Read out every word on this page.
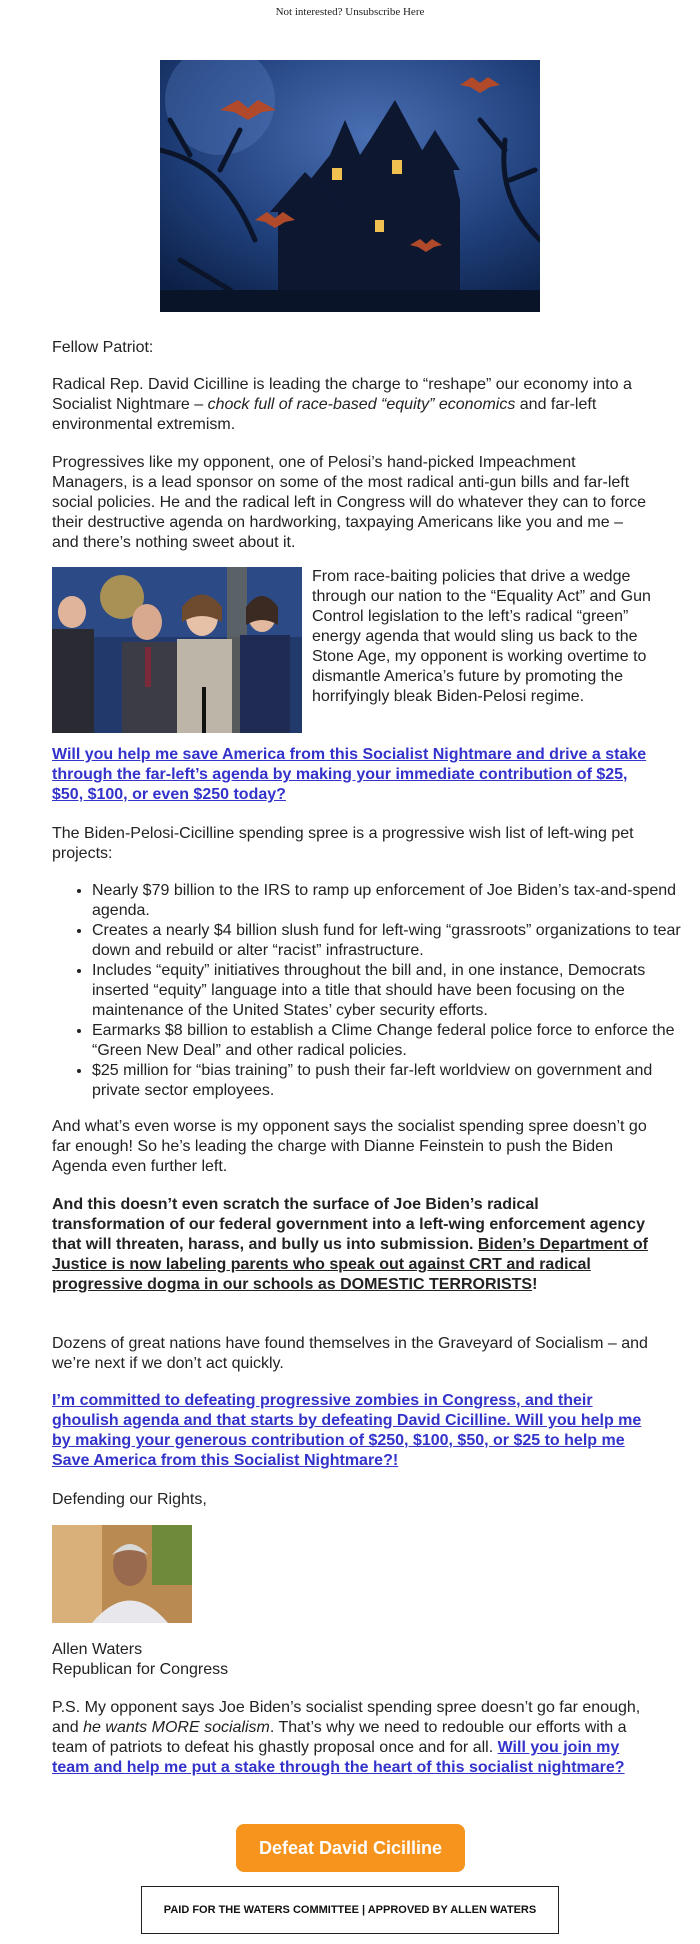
Not interested? Unsubscribe Here

Fellow Patriot:

Radical Rep. David Cicilline is leading the charge to “reshape” our economy into a Socialist Nightmare – chock full of race-based “equity” economics and far-left environmental extremism.

Progressives like my opponent, one of Pelosi’s hand-picked Impeachment Managers, is a lead sponsor on some of the most radical anti-gun bills and far-left social policies. He and the radical left in Congress will do whatever they can to force their destructive agenda on hardworking, taxpaying Americans like you and me – and there’s nothing sweet about it.

From race-baiting policies that drive a wedge through our nation to the “Equality Act” and Gun Control legislation to the left’s radical “green” energy agenda that would sling us back to the Stone Age, my opponent is working overtime to dismantle America’s future by promoting the horrifyingly bleak Biden-Pelosi regime.

Will you help me save America from this Socialist Nightmare and drive a stake through the far-left’s agenda by making your immediate contribution of $25, $50, $100, or even $250 today?

The Biden-Pelosi-Cicilline spending spree is a progressive wish list of left-wing pet projects:

• Nearly $79 billion to the IRS to ramp up enforcement of Joe Biden’s tax-and-spend agenda.
• Creates a nearly $4 billion slush fund for left-wing “grassroots” organizations to tear down and rebuild or alter “racist” infrastructure.
• Includes “equity” initiatives throughout the bill and, in one instance, Democrats inserted “equity” language into a title that should have been focusing on the maintenance of the United States’ cyber security efforts.
• Earmarks $8 billion to establish a Clime Change federal police force to enforce the “Green New Deal” and other radical policies.
• $25 million for “bias training” to push their far-left worldview on government and private sector employees.

And what’s even worse is my opponent says the socialist spending spree doesn’t go far enough! So he’s leading the charge with Dianne Feinstein to push the Biden Agenda even further left.

And this doesn’t even scratch the surface of Joe Biden’s radical transformation of our federal government into a left-wing enforcement agency that will threaten, harass, and bully us into submission. Biden’s Department of Justice is now labeling parents who speak out against CRT and radical progressive dogma in our schools as DOMESTIC TERRORISTS!

Dozens of great nations have found themselves in the Graveyard of Socialism – and we’re next if we don’t act quickly.

I’m committed to defeating progressive zombies in Congress, and their ghoulish agenda and that starts by defeating David Cicilline. Will you help me by making your generous contribution of $250, $100, $50, or $25 to help me Save America from this Socialist Nightmare?!

Defending our Rights,

Allen Waters

Republican for Congress

P.S. My opponent says Joe Biden’s socialist spending spree doesn’t go far enough, and he wants MORE socialism. That’s why we need to redouble our efforts with a team of patriots to defeat his ghastly proposal once and for all. Will you join my team and help me put a stake through the heart of this socialist nightmare?

Defeat David Cicilline
PAID FOR THE WATERS COMMITTEE | APPROVED BY ALLEN WATERS
